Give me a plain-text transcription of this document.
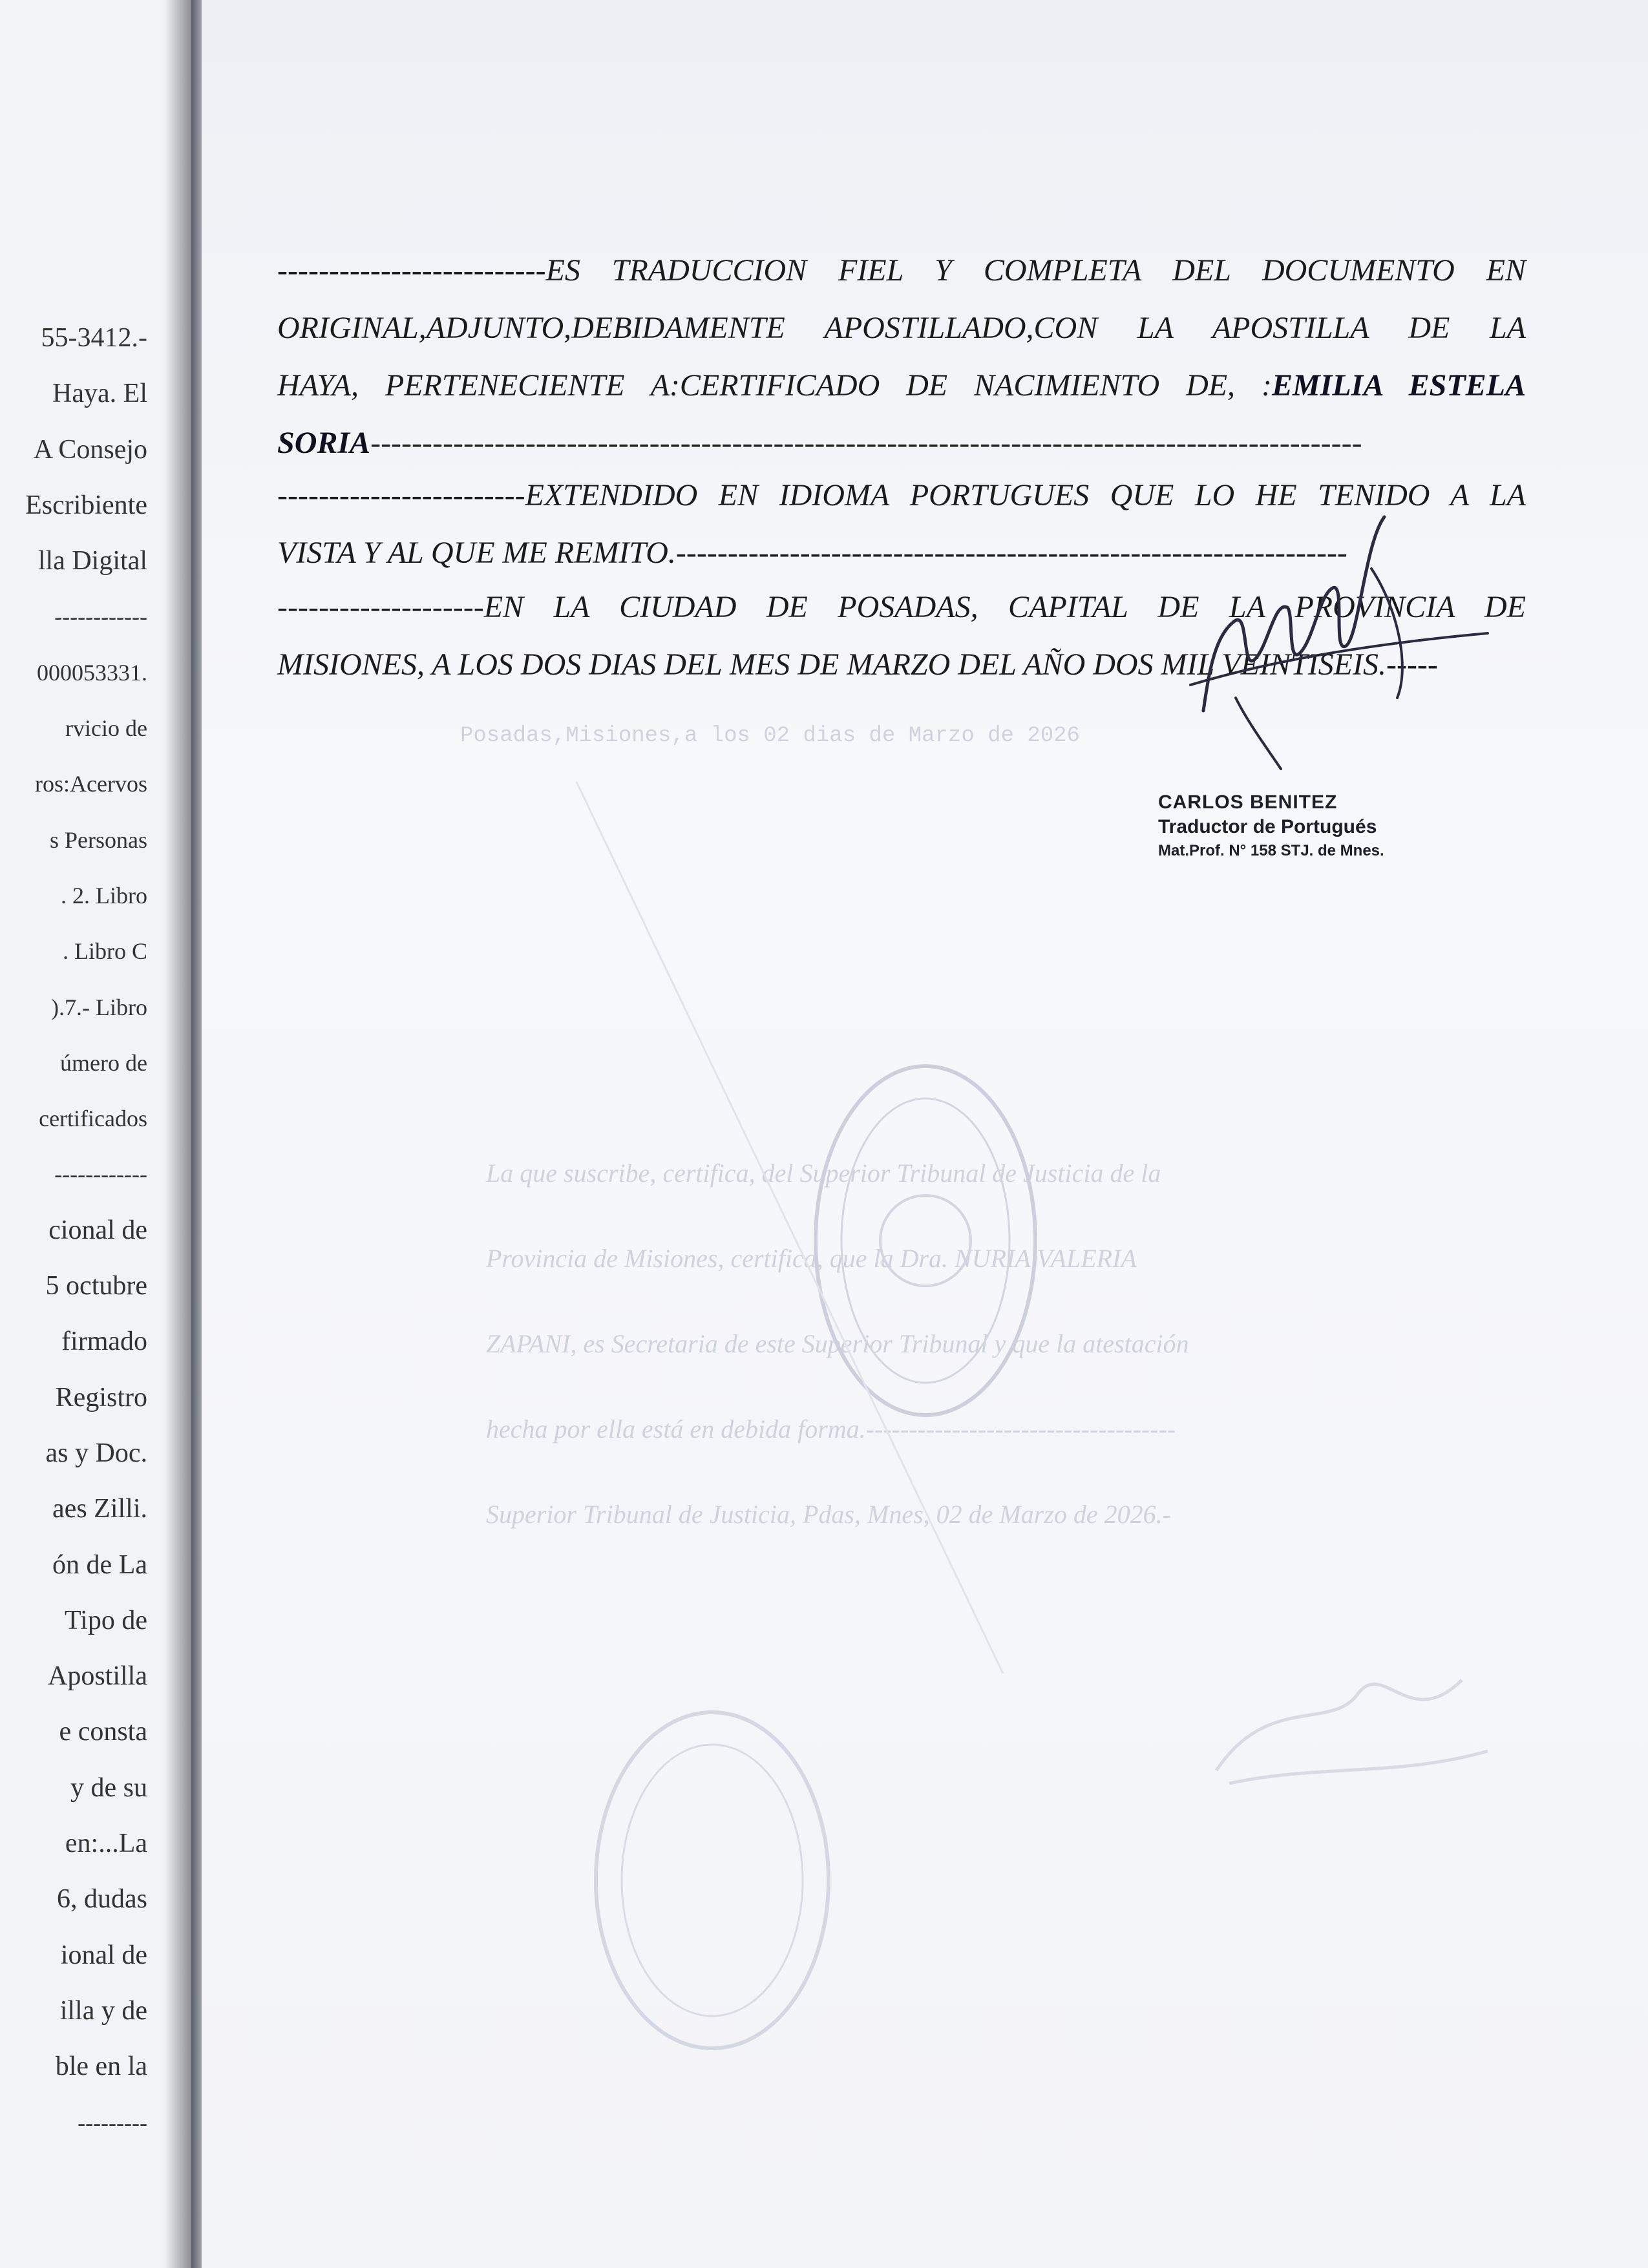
55-3412.-
Haya. El
A Consejo
Escribiente
lla Digital
------------
000053331.
rvicio de
ros:Acervos
s Personas
. 2. Libro
. Libro C
).7.- Libro
úmero de
certificados
------------
cional de
5 octubre
firmado
Registro
as y Doc.
aes Zilli.
ón de La
Tipo de
Apostilla
e consta
y de su
en:...La
6, dudas
ional de
illa y de
ble en la
---------
Posadas,Misiones,a los 02 dias de Marzo de 2026
La que suscribe, certifica, del Superior Tribunal de Justicia de la
Provincia de Misiones, certifica, que la Dra. NURIA VALERIA
ZAPANI, es Secretaria de este Superior Tribunal y que la atestación
hecha por ella está en debida forma.------------------------------------
Superior Tribunal de Justicia, Pdas, Mnes, 02 de Marzo de 2026.-
--------------------------ES TRADUCCION FIEL Y COMPLETA DEL DOCUMENTO EN
ORIGINAL,ADJUNTO,DEBIDAMENTE APOSTILLADO,CON LA APOSTILLA DE LA
HAYA, PERTENECIENTE A:CERTIFICADO DE NACIMIENTO DE, :EMILIA ESTELA
SORIA------------------------------------------------------------------------------------------------
------------------------EXTENDIDO EN IDIOMA PORTUGUES QUE LO HE TENIDO A LA
VISTA Y AL QUE ME REMITO.-----------------------------------------------------------------
--------------------EN LA CIUDAD DE POSADAS, CAPITAL DE LA PROVINCIA DE
MISIONES, A LOS DOS DIAS DEL MES DE MARZO DEL AÑO DOS MIL VEINTISEIS.-----
CARLOS BENITEZ
Traductor de Portugués
Mat.Prof. N° 158 STJ. de Mnes.
